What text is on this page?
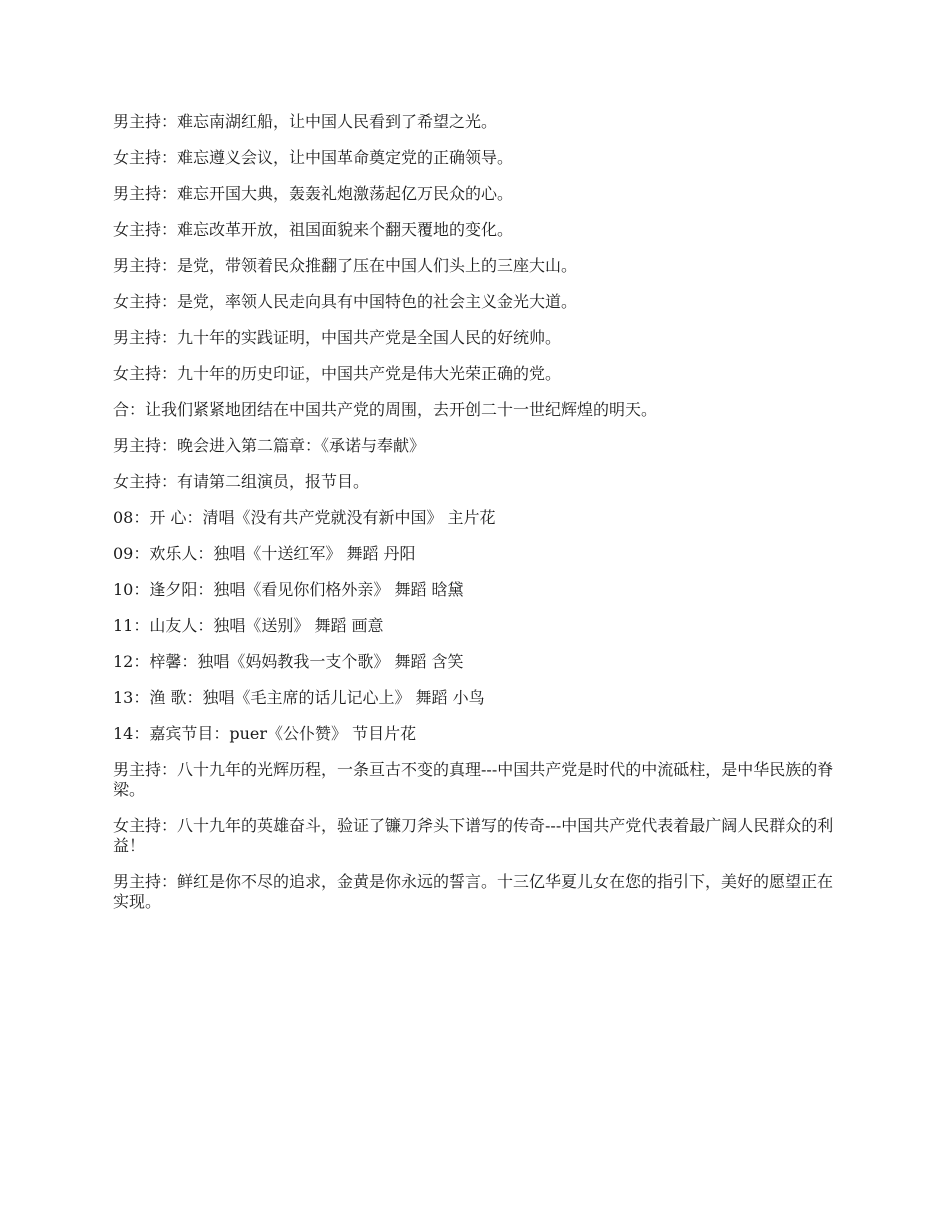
男主持：难忘南湖红船，让中国人民看到了希望之光。

女主持：难忘遵义会议，让中国革命奠定党的正确领导。

男主持：难忘开国大典，轰轰礼炮激荡起亿万民众的心。

女主持：难忘改革开放，祖国面貌来个翻天覆地的变化。

男主持：是党，带领着民众推翻了压在中国人们头上的三座大山。

女主持：是党，率领人民走向具有中国特色的社会主义金光大道。

男主持：九十年的实践证明，中国共产党是全国人民的好统帅。

女主持：九十年的历史印证，中国共产党是伟大光荣正确的党。

合：让我们紧紧地团结在中国共产党的周围，去开创二十一世纪辉煌的明天。

男主持：晚会进入第二篇章：《承诺与奉献》

女主持：有请第二组演员，报节目。

08：开 心：清唱《没有共产党就没有新中国》 主片花

09：欢乐人：独唱《十送红军》 舞蹈 丹阳

10：逢夕阳：独唱《看见你们格外亲》 舞蹈 晗黛

11：山友人：独唱《送别》 舞蹈 画意

12：梓馨：独唱《妈妈教我一支个歌》 舞蹈 含笑

13：渔 歌：独唱《毛主席的话儿记心上》 舞蹈 小鸟

14：嘉宾节目：puer《公仆赞》 节目片花

男主持：八十九年的光辉历程，一条亘古不变的真理---中国共产党是时代的中流砥柱，是中华民族的脊梁。

女主持：八十九年的英雄奋斗，验证了镰刀斧头下谱写的传奇---中国共产党代表着最广阔人民群众的利益！

男主持：鲜红是你不尽的追求，金黄是你永远的誓言。十三亿华夏儿女在您的指引下，美好的愿望正在实现。
